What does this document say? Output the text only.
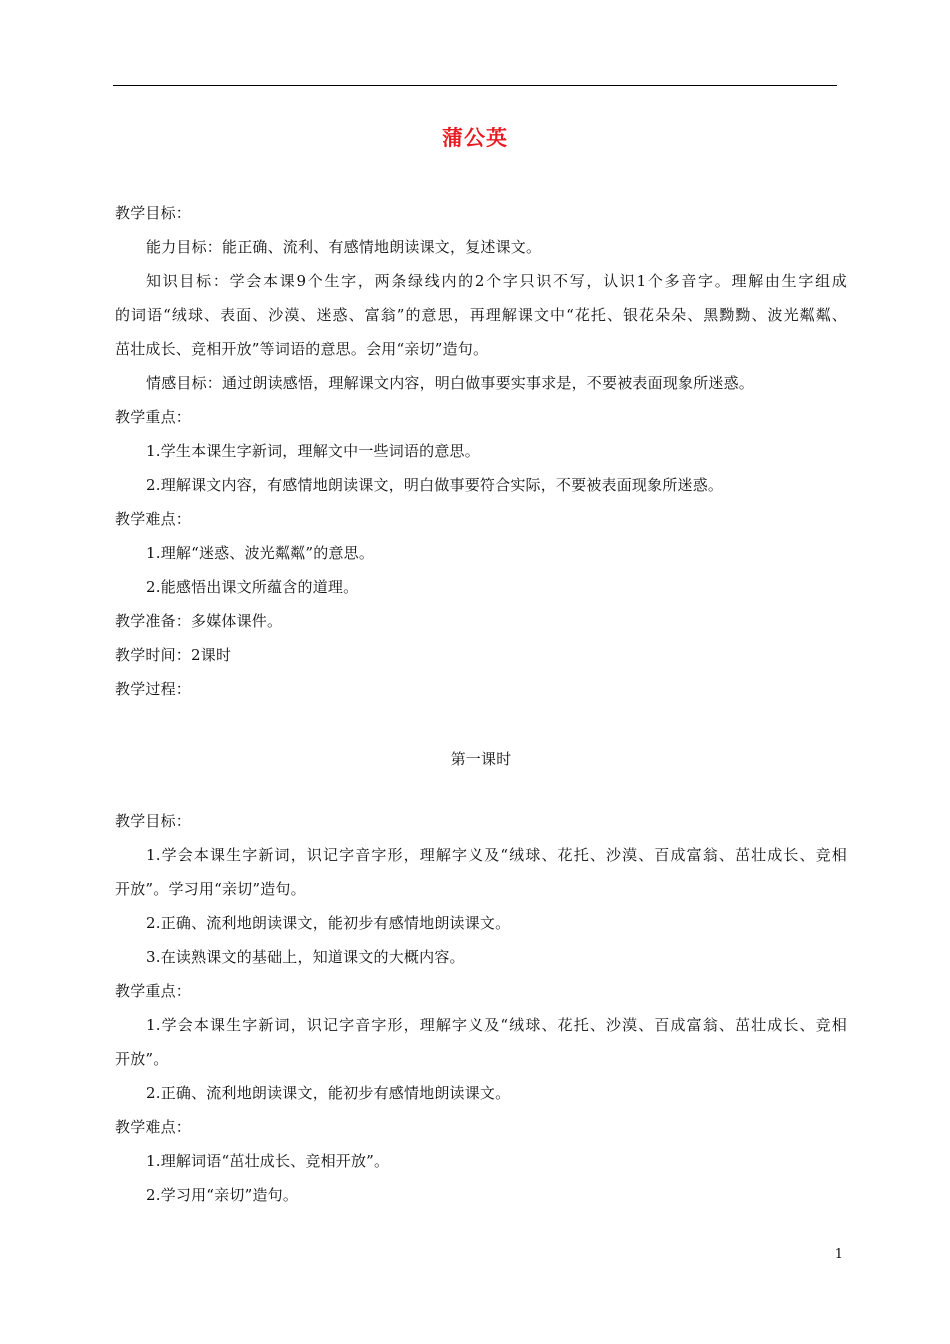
蒲公英
教学目标：
能力目标：能正确、流利、有感情地朗读课文，复述课文。
知识目标：学会本课9个生字，两条绿线内的2个字只识不写，认识1个多音字。理解由生字组成
的词语“绒球、表面、沙漠、迷惑、富翁”的意思，再理解课文中“花托、银花朵朵、黑黝黝、波光粼粼、
茁壮成长、竞相开放”等词语的意思。会用“亲切”造句。
情感目标：通过朗读感悟，理解课文内容，明白做事要实事求是，不要被表面现象所迷惑。
教学重点：
1.学生本课生字新词，理解文中一些词语的意思。
2.理解课文内容，有感情地朗读课文，明白做事要符合实际，不要被表面现象所迷惑。
教学难点：
1.理解“迷惑、波光粼粼”的意思。
2.能感悟出课文所蕴含的道理。
教学准备：多媒体课件。
教学时间：2课时
教学过程：
第一课时
教学目标：
1.学会本课生字新词，识记字音字形，理解字义及“绒球、花托、沙漠、百成富翁、茁壮成长、竞相
开放”。学习用“亲切”造句。
2.正确、流利地朗读课文，能初步有感情地朗读课文。
3.在读熟课文的基础上，知道课文的大概内容。
教学重点：
1.学会本课生字新词，识记字音字形，理解字义及“绒球、花托、沙漠、百成富翁、茁壮成长、竞相
开放”。
2.正确、流利地朗读课文，能初步有感情地朗读课文。
教学难点：
1.理解词语“茁壮成长、竞相开放”。
2.学习用“亲切”造句。
1
